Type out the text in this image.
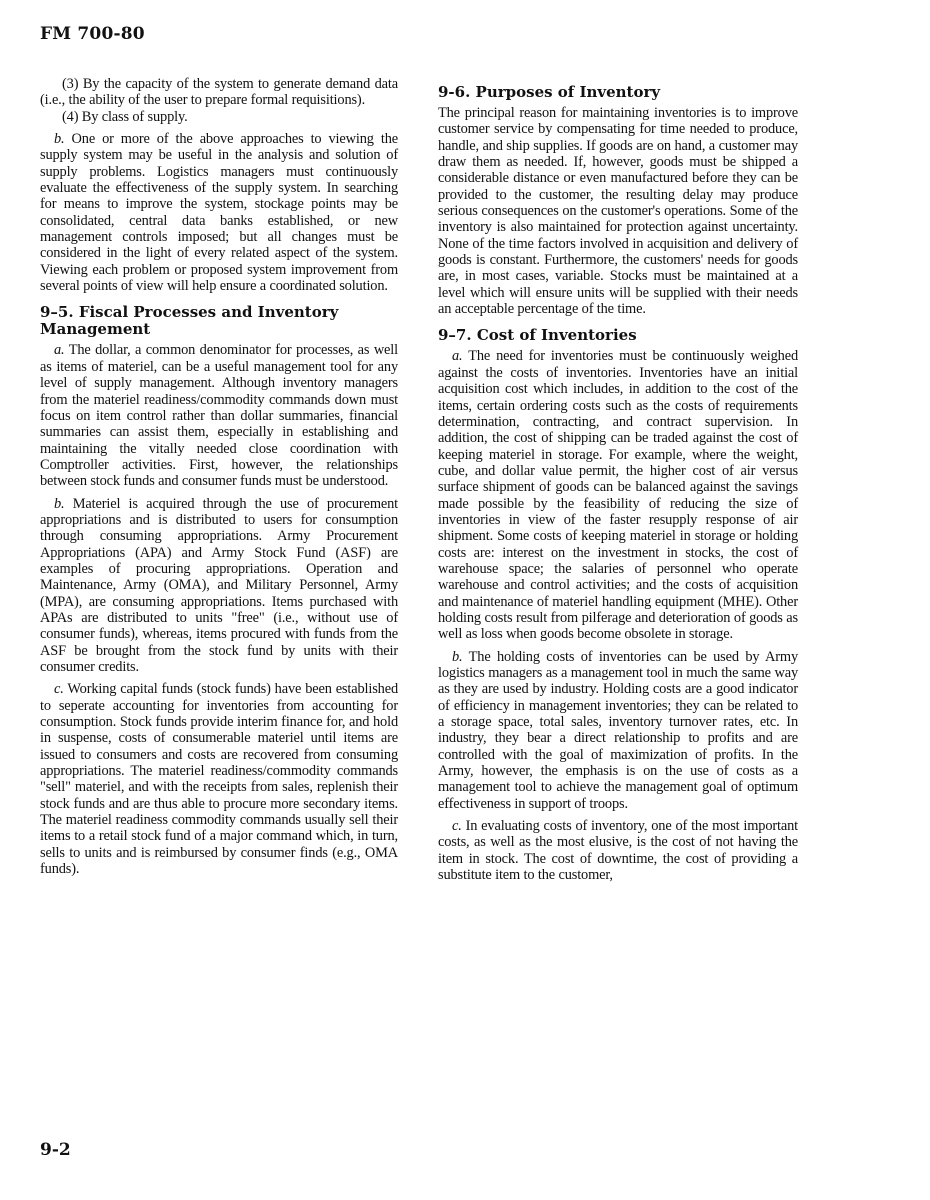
FM 700-80

(3) By the capacity of the system to generate demand data (i.e., the ability of the user to prepare formal requisitions).

(4) By class of supply.

b. One or more of the above approaches to viewing the supply system may be useful in the analysis and solution of supply problems. Logistics managers must continuously evaluate the effectiveness of the supply system. In searching for means to improve the system, stockage points may be consolidated, central data banks established, or new management controls imposed; but all changes must be considered in the light of every related aspect of the system. Viewing each problem or proposed system improvement from several points of view will help ensure a coordinated solution.

9–5. Fiscal Processes and Inventory Management

a. The dollar, a common denominator for processes, as well as items of materiel, can be a useful management tool for any level of supply management. Although inventory managers from the materiel readiness/commodity commands down must focus on item control rather than dollar summaries, financial summaries can assist them, especially in establishing and maintaining the vitally needed close coordination with Comptroller activities. First, however, the relationships between stock funds and consumer funds must be understood.

b. Materiel is acquired through the use of procurement appropriations and is distributed to users for consumption through consuming appropriations. Army Procurement Appropriations (APA) and Army Stock Fund (ASF) are examples of procuring appropriations. Operation and Maintenance, Army (OMA), and Military Personnel, Army (MPA), are consuming appropriations. Items purchased with APAs are distributed to units "free" (i.e., without use of consumer funds), whereas, items procured with funds from the ASF be brought from the stock fund by units with their consumer credits.

c. Working capital funds (stock funds) have been established to seperate accounting for inventories from accounting for consumption. Stock funds provide interim finance for, and hold in suspense, costs of consumerable materiel until items are issued to consumers and costs are recovered from consuming appropriations. The materiel readiness/commodity commands "sell" materiel, and with the receipts from sales, replenish their stock funds and are thus able to procure more secondary items. The materiel readiness commodity commands usually sell their items to a retail stock fund of a major command which, in turn, sells to units and is reimbursed by consumer finds (e.g., OMA funds).

9-6. Purposes of Inventory

The principal reason for maintaining inventories is to improve customer service by compensating for time needed to produce, handle, and ship supplies. If goods are on hand, a customer may draw them as needed. If, however, goods must be shipped a considerable distance or even manufactured before they can be provided to the customer, the resulting delay may produce serious consequences on the customer's operations. Some of the inventory is also maintained for protection against uncertainty. None of the time factors involved in acquisition and delivery of goods is constant. Furthermore, the customers' needs for goods are, in most cases, variable. Stocks must be maintained at a level which will ensure units will be supplied with their needs an acceptable percentage of the time.

9–7. Cost of Inventories

a. The need for inventories must be continuously weighed against the costs of inventories. Inventories have an initial acquisition cost which includes, in addition to the cost of the items, certain ordering costs such as the costs of requirements determination, contracting, and contract supervision. In addition, the cost of shipping can be traded against the cost of keeping materiel in storage. For example, where the weight, cube, and dollar value permit, the higher cost of air versus surface shipment of goods can be balanced against the savings made possible by the feasibility of reducing the size of inventories in view of the faster resupply response of air shipment. Some costs of keeping materiel in storage or holding costs are: interest on the investment in stocks, the cost of warehouse space; the salaries of personnel who operate warehouse and control activities; and the costs of acquisition and maintenance of materiel handling equipment (MHE). Other holding costs result from pilferage and deterioration of goods as well as loss when goods become obsolete in storage.

b. The holding costs of inventories can be used by Army logistics managers as a management tool in much the same way as they are used by industry. Holding costs are a good indicator of efficiency in management inventories; they can be related to a storage space, total sales, inventory turnover rates, etc. In industry, they bear a direct relationship to profits and are controlled with the goal of maximization of profits. In the Army, however, the emphasis is on the use of costs as a management tool to achieve the management goal of optimum effectiveness in support of troops.

c. In evaluating costs of inventory, one of the most important costs, as well as the most elusive, is the cost of not having the item in stock. The cost of downtime, the cost of providing a substitute item to the customer,

9-2
